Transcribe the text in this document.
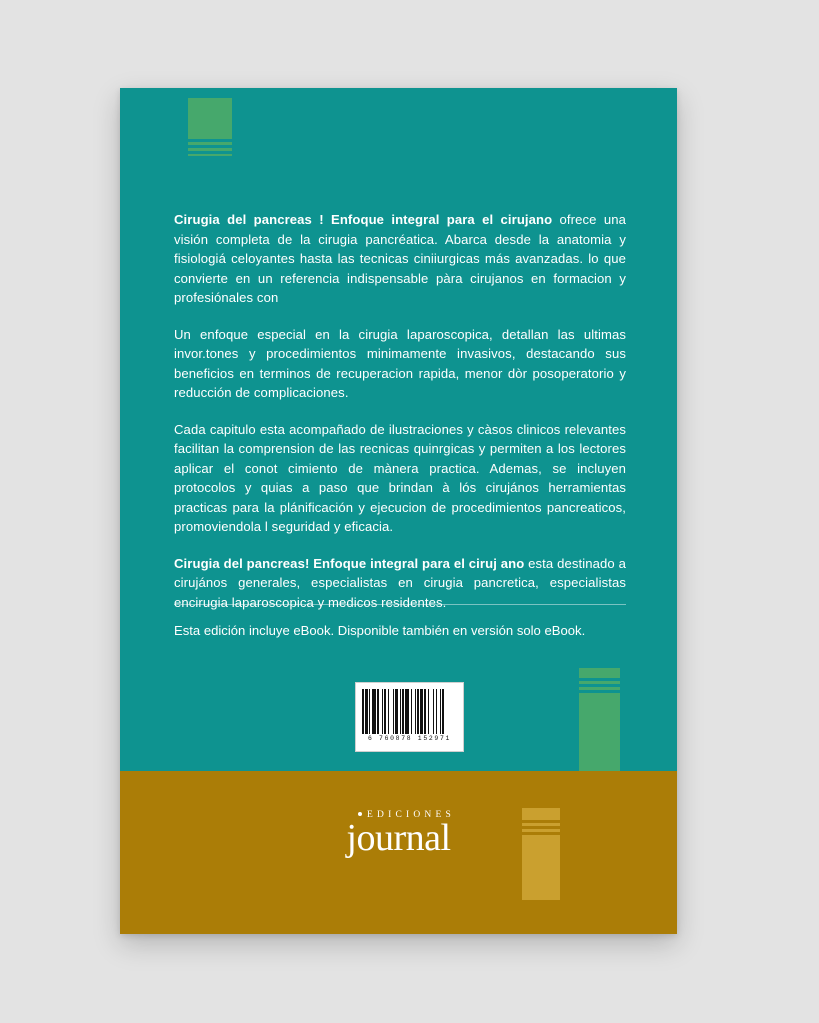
Cirugia del pancreas ! Enfoque integral para el cirujano ofrece una visión completa de la cirugia pancréatica. Abarca desde la anatomia y fisiologiá celoyantes hasta las tecnicas ciniiurgicas más avanzadas. lo que convierte en un referencia indispensable pàra cirujanos en formacion y profesiónales con

Un enfoque especial en la cirugia laparoscopica, detallan las ultimas invor.tones y procedimientos minimamente invasivos, destacando sus beneficios en terminos de recuperacion rapida, menor dòr posoperatorio y reducción de complicaciones.

Cada capitulo esta acompañado de ilustraciones y càsos clinicos relevantes facilitan la comprension de las recnicas quinrgicas y permiten a los lectores aplicar el conot cimiento de mànera practica. Ademas, se incluyen protocolos y quias a paso que brindan à lós cirujános herramientas practicas para la plánificación y ejecucion de procedimientos pancreaticos, promoviendola l seguridad y eficacia.

Cirugia del pancreas! Enfoque integral para el ciruj ano esta destinado a cirujános generales, especialistas en cirugia pancretica, especialistas encirugia laparoscopica y medicos residentes.

Esta edición incluye eBook. Disponible también en versión solo eBook.
6 760878 152971
EDICIONES
journal
